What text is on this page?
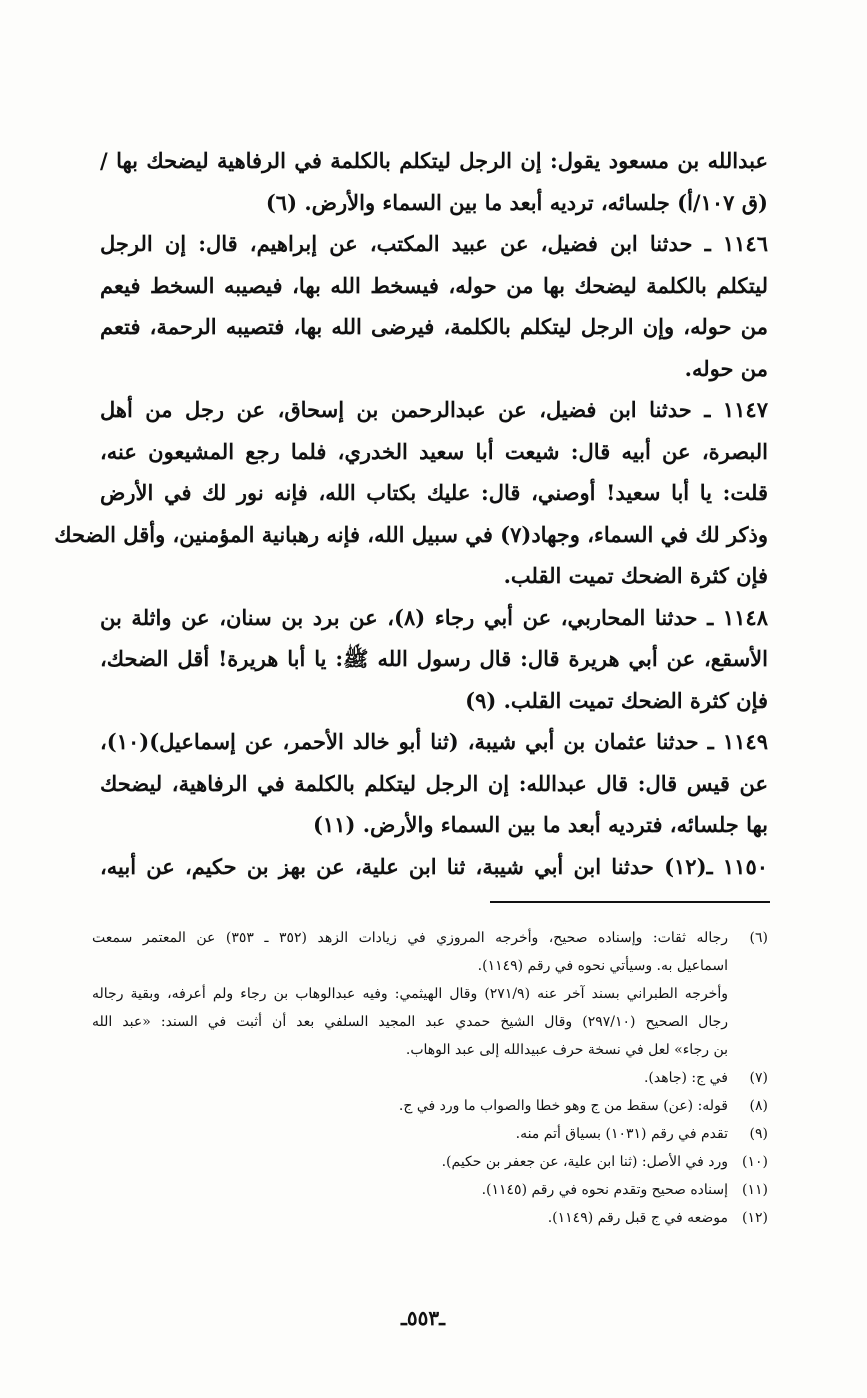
عبدالله بن مسعود يقول: إن الرجل ليتكلم بالكلمة في الرفاهية ليضحك بها /
(ق ١٠٧/أ) جلسائه، ترديه أبعد ما بين السماء والأرض. (٦)
١١٤٦ ـ حدثنا ابن فضيل، عن عبيد المكتب، عن إبراهيم، قال: إن الرجل
ليتكلم بالكلمة ليضحك بها من حوله، فيسخط الله بها، فيصيبه السخط فيعم
من حوله، وإن الرجل ليتكلم بالكلمة، فيرضى الله بها، فتصيبه الرحمة، فتعم
من حوله.
١١٤٧ ـ حدثنا ابن فضيل، عن عبدالرحمن بن إسحاق، عن رجل من أهل
البصرة، عن أبيه قال: شيعت أبا سعيد الخدري، فلما رجع المشيعون عنه،
قلت: يا أبا سعيد! أوصني، قال: عليك بكتاب الله، فإنه نور لك في الأرض
وذكر لك في السماء، وجهاد(٧) في سبيل الله، فإنه رهبانية المؤمنين، وأقل الضحك
فإن كثرة الضحك تميت القلب.
١١٤٨ ـ حدثنا المحاربي، عن أبي رجاء (٨)، عن برد بن سنان، عن واثلة بن
الأسقع، عن أبي هريرة قال: قال رسول الله ﷺ: يا أبا هريرة! أقل الضحك،
فإن كثرة الضحك تميت القلب. (٩)
١١٤٩ ـ حدثنا عثمان بن أبي شيبة، (ثنا أبو خالد الأحمر، عن إسماعيل)(١٠)،
عن قيس قال: قال عبدالله: إن الرجل ليتكلم بالكلمة في الرفاهية، ليضحك
بها جلسائه، فترديه أبعد ما بين السماء والأرض. (١١)
١١٥٠ ـ(١٢) حدثنا ابن أبي شيبة، ثنا ابن علية، عن بهز بن حكيم، عن أبيه،
(٦)رجاله ثقات: وإسناده صحيح، وأخرجه المروزي في زيادات الزهد (٣٥٢ ـ ٣٥٣) عن المعتمر سمعت
اسماعيل به. وسيأتي نحوه في رقم (١١٤٩).
وأخرجه الطبراني بسند آخر عنه (٢٧١/٩) وقال الهيثمي: وفيه عبدالوهاب بن رجاء ولم أعرفه، وبقية رجاله
رجال الصحيح (٢٩٧/١٠) وقال الشيخ حمدي عبد المجيد السلفي بعد أن أثبت في السند: «عبد الله
بن رجاء» لعل في نسخة حرف عبيدالله إلى عبد الوهاب.
(٧)في ج: (جاهد).
(٨)قوله: (عن) سقط من ج وهو خطا والصواب ما ورد في ج.
(٩)تقدم في رقم (١٠٣١) بسياق أتم منه.
(١٠)ورد في الأصل: (ثنا ابن علية، عن جعفر بن حكيم).
(١١)إسناده صحيح وتقدم نحوه في رقم (١١٤٥).
(١٢)موضعه في ج قبل رقم (١١٤٩).
ـ٥٥٣ـ
